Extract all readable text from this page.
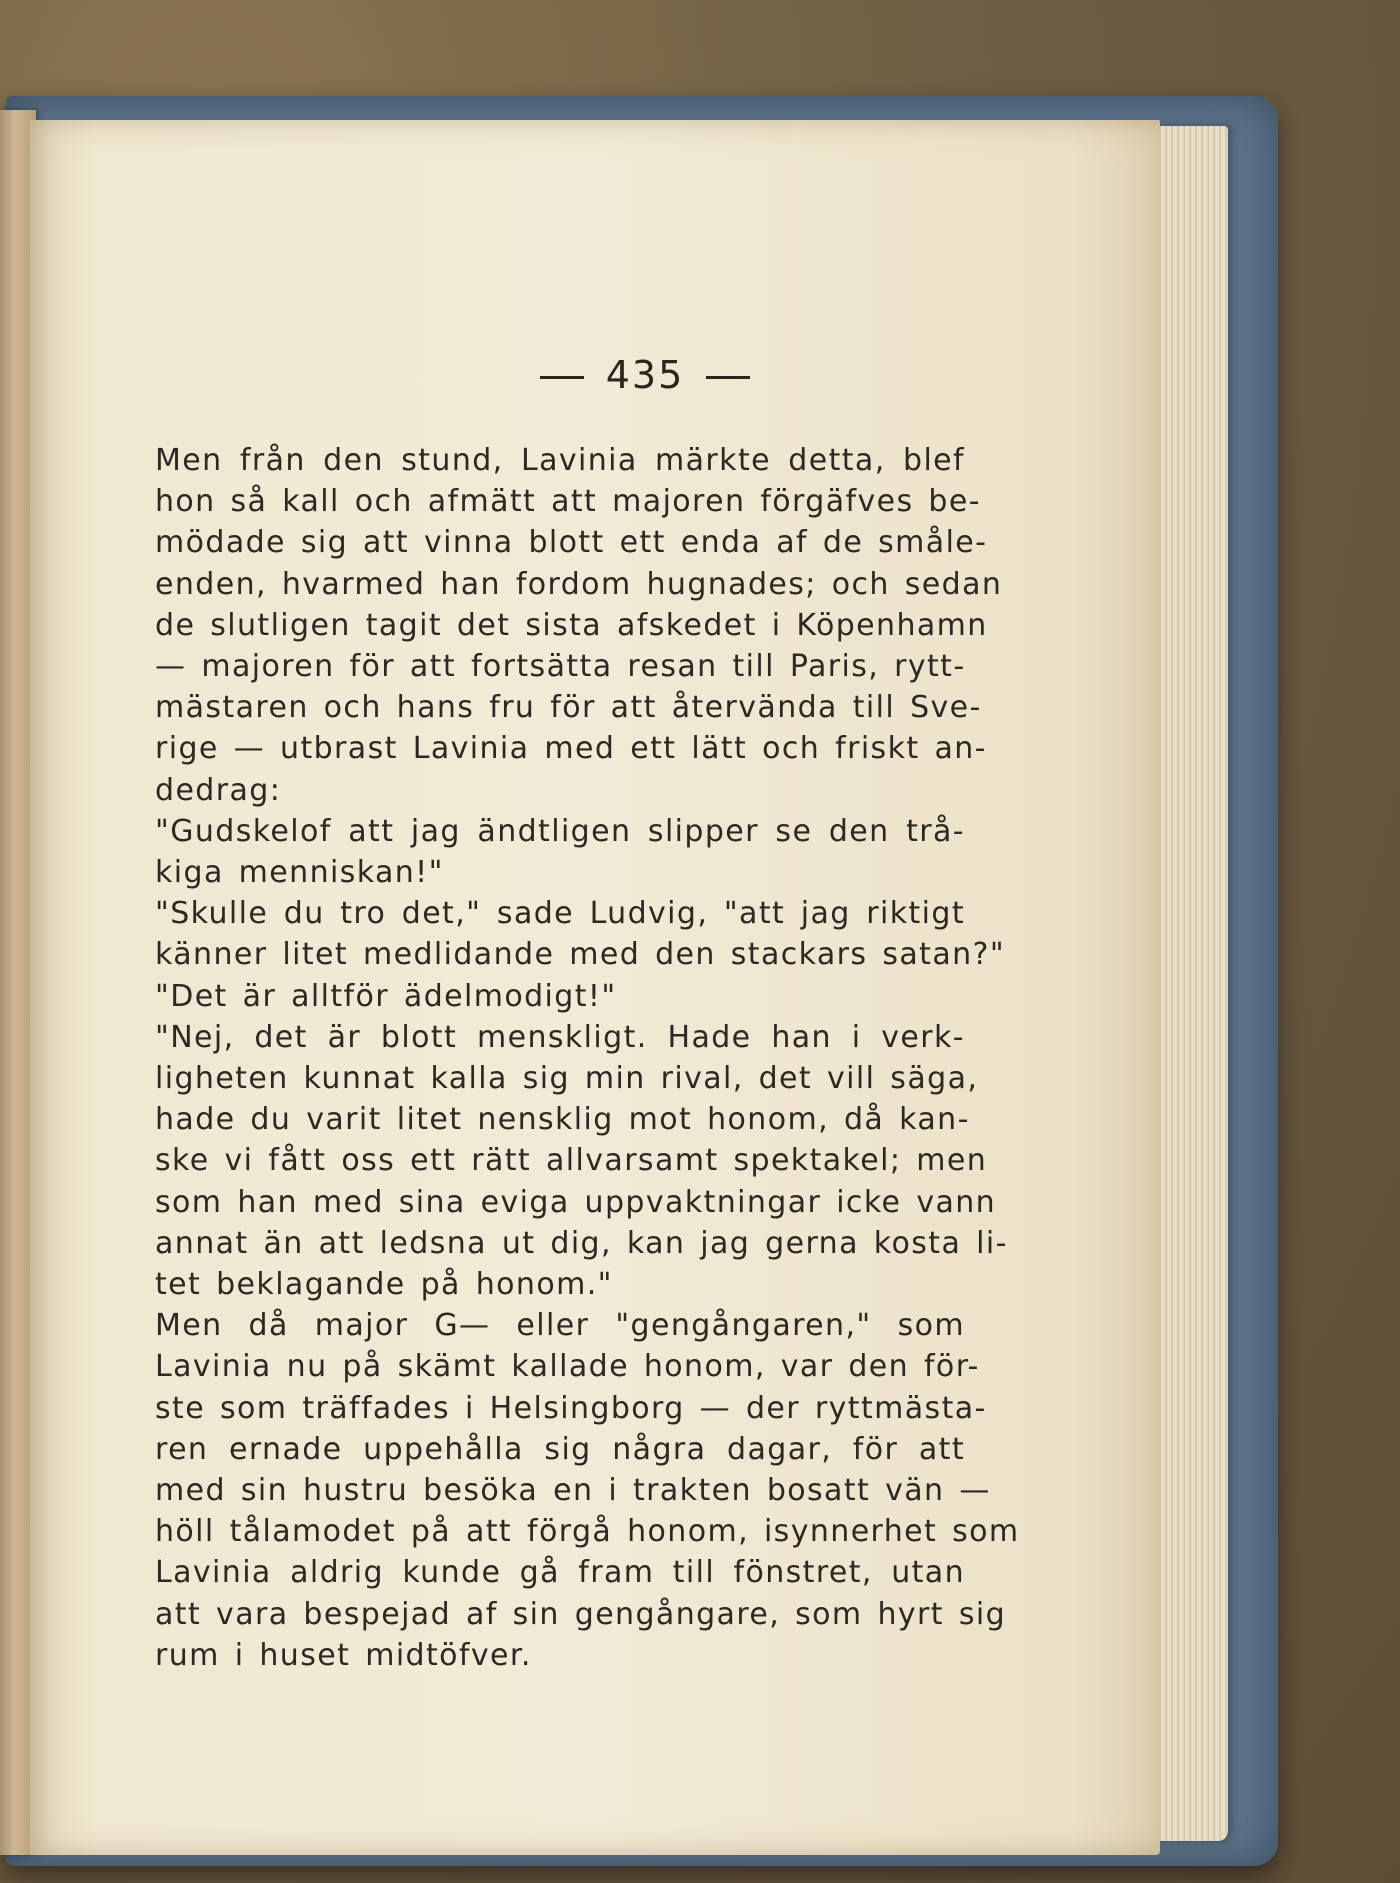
435
Men från den stund, Lavinia märkte detta, blef
hon så kall och afmätt att majoren förgäfves be-
mödade sig att vinna blott ett enda af de småle-
enden, hvarmed han fordom hugnades; och sedan
de slutligen tagit det sista afskedet i Köpenhamn
— majoren för att fortsätta resan till Paris, rytt-
mästaren och hans fru för att återvända till Sve-
rige — utbrast Lavinia med ett lätt och friskt an-
dedrag:
"Gudskelof att jag ändtligen slipper se den trå-
kiga menniskan!"
"Skulle du tro det," sade Ludvig, "att jag riktigt
känner litet medlidande med den stackars satan?"
"Det är alltför ädelmodigt!"
"Nej, det är blott menskligt. Hade han i verk-
ligheten kunnat kalla sig min rival, det vill säga,
hade du varit litet nensklig mot honom, då kan-
ske vi fått oss ett rätt allvarsamt spektakel; men
som han med sina eviga uppvaktningar icke vann
annat än att ledsna ut dig, kan jag gerna kosta li-
tet beklagande på honom."
Men då major G— eller "gengångaren," som
Lavinia nu på skämt kallade honom, var den för-
ste som träffades i Helsingborg — der ryttmästa-
ren ernade uppehålla sig några dagar, för att
med sin hustru besöka en i trakten bosatt vän —
höll tålamodet på att förgå honom, isynnerhet som
Lavinia aldrig kunde gå fram till fönstret, utan
att vara bespejad af sin gengångare, som hyrt sig
rum i huset midtöfver.
